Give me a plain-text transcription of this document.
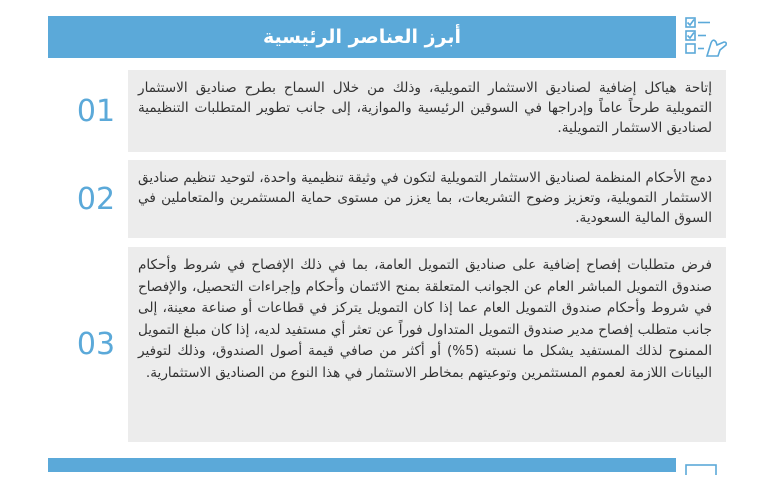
أبرز العناصر الرئيسية
إتاحة هياكل إضافية لصناديق الاستثمار التمويلية، وذلك من خلال السماح بطرح صناديق الاستثمار التمويلية طرحاً عاماً وإدراجها في السوقين الرئيسية والموازية، إلى جانب تطوير المتطلبات التنظيمية لصناديق الاستثمار التمويلية.
01
دمج الأحكام المنظمة لصناديق الاستثمار التمويلية لتكون في وثيقة تنظيمية واحدة، لتوحيد تنظيم صناديق الاستثمار التمويلية، وتعزيز وضوح التشريعات، بما يعزز من مستوى حماية المستثمرين والمتعاملين في السوق المالية السعودية.
02
فرض متطلبات إفصاح إضافية على صناديق التمويل العامة، بما في ذلك الإفصاح في شروط وأحكام صندوق التمويل المباشر العام عن الجوانب المتعلقة بمنح الائتمان وأحكام وإجراءات التحصيل، والإفصاح في شروط وأحكام صندوق التمويل العام عما إذا كان التمويل يتركز في قطاعات أو صناعة معينة، إلى جانب متطلب إفصاح مدير صندوق التمويل المتداول فوراً عن تعثر أي مستفيد لديه، إذا كان مبلغ التمويل الممنوح لذلك المستفيد يشكل ما نسبته (5%) أو أكثر من صافي قيمة أصول الصندوق، وذلك لتوفير البيانات اللازمة لعموم المستثمرين وتوعيتهم بمخاطر الاستثمار في هذا النوع من الصناديق الاستثمارية.
03
